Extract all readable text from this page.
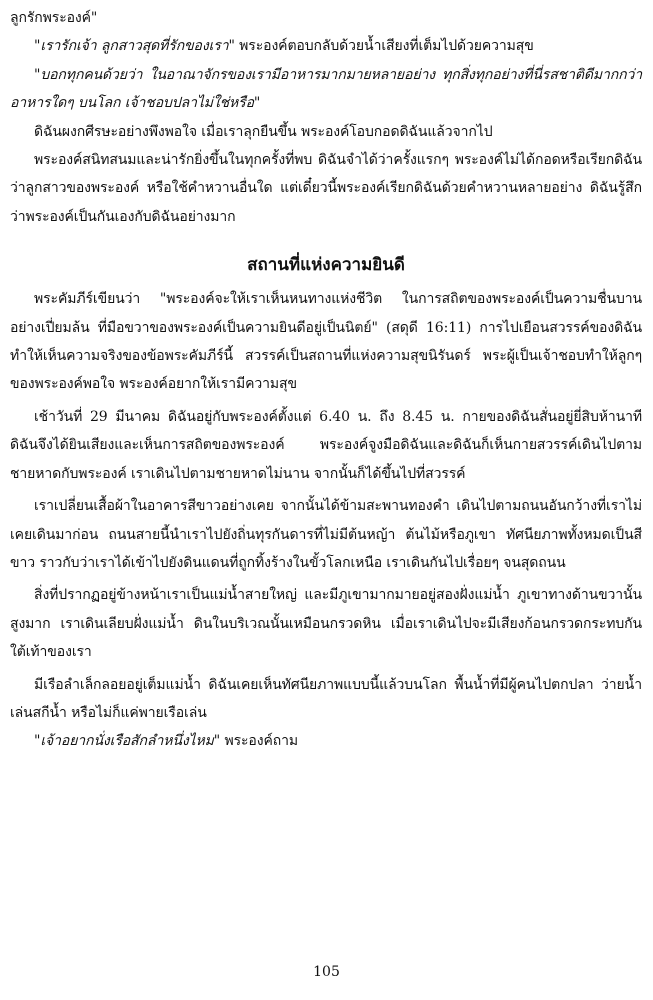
ลูกรักพระองค์"

"เรารักเจ้า ลูกสาวสุดที่รักของเรา" พระองค์ตอบกลับด้วยน้ำเสียงที่เต็มไปด้วยความสุข

"บอกทุกคนด้วยว่า ในอาณาจักรของเรามีอาหารมากมายหลายอย่าง ทุกสิ่งทุกอย่างที่นี่รสชาติดีมากกว่าอาหารใดๆ บนโลก เจ้าชอบปลาไม่ใช่หรือ"

ดิฉันผงกศีรษะอย่างพึงพอใจ เมื่อเราลุกยืนขึ้น พระองค์โอบกอดดิฉันแล้วจากไป

พระองค์สนิทสนมและน่ารักยิ่งขึ้นในทุกครั้งที่พบ ดิฉันจำได้ว่าครั้งแรกๆ พระองค์ไม่ได้กอดหรือเรียกดิฉันว่าลูกสาวของพระองค์ หรือใช้คำหวานอื่นใด แต่เดี๋ยวนี้พระองค์เรียกดิฉันด้วยคำหวานหลายอย่าง ดิฉันรู้สึกว่าพระองค์เป็นกันเองกับดิฉันอย่างมาก

สถานที่แห่งความยินดี

พระคัมภีร์เขียนว่า "พระองค์จะให้เราเห็นหนทางแห่งชีวิต ในการสถิตของพระองค์เป็นความชื่นบานอย่างเปี่ยมล้น ที่มือขวาของพระองค์เป็นความยินดีอยู่เป็นนิตย์" (สดุดี 16:11) การไปเยือนสวรรค์ของดิฉันทำให้เห็นความจริงของข้อพระคัมภีร์นี้ สวรรค์เป็นสถานที่แห่งความสุขนิรันดร์ พระผู้เป็นเจ้าชอบทำให้ลูกๆ ของพระองค์พอใจ พระองค์อยากให้เรามีความสุข

เช้าวันที่ 29 มีนาคม ดิฉันอยู่กับพระองค์ตั้งแต่ 6.40 น. ถึง 8.45 น. กายของดิฉันสั่นอยู่ยี่สิบห้านาที ดิฉันจึงได้ยินเสียงและเห็นการสถิตของพระองค์ พระองค์จูงมือดิฉันและดิฉันก็เห็นกายสวรรค์เดินไปตามชายหาดกับพระองค์ เราเดินไปตามชายหาดไม่นาน จากนั้นก็ได้ขึ้นไปที่สวรรค์

เราเปลี่ยนเสื้อผ้าในอาคารสีขาวอย่างเคย จากนั้นได้ข้ามสะพานทองคำ เดินไปตามถนนอันกว้างที่เราไม่เคยเดินมาก่อน ถนนสายนี้นำเราไปยังถิ่นทุรกันดารที่ไม่มีต้นหญ้า ต้นไม้หรือภูเขา ทัศนียภาพทั้งหมดเป็นสีขาว ราวกับว่าเราได้เข้าไปยังดินแดนที่ถูกทิ้งร้างในขั้วโลกเหนือ เราเดินกันไปเรื่อยๆ จนสุดถนน

สิ่งที่ปรากฏอยู่ข้างหน้าเราเป็นแม่น้ำสายใหญ่ และมีภูเขามากมายอยู่สองฝั่งแม่น้ำ ภูเขาทางด้านขวานั้นสูงมาก เราเดินเลียบฝั่งแม่น้ำ ดินในบริเวณนั้นเหมือนกรวดหิน เมื่อเราเดินไปจะมีเสียงก้อนกรวดกระทบกันใต้เท้าของเรา

มีเรือลำเล็กลอยอยู่เต็มแม่น้ำ ดิฉันเคยเห็นทัศนียภาพแบบนี้แล้วบนโลก พื้นน้ำที่มีผู้คนไปตกปลา ว่ายน้ำ เล่นสกีน้ำ หรือไม่ก็แค่พายเรือเล่น

"เจ้าอยากนั่งเรือสักลำหนึ่งไหม" พระองค์ถาม

105
